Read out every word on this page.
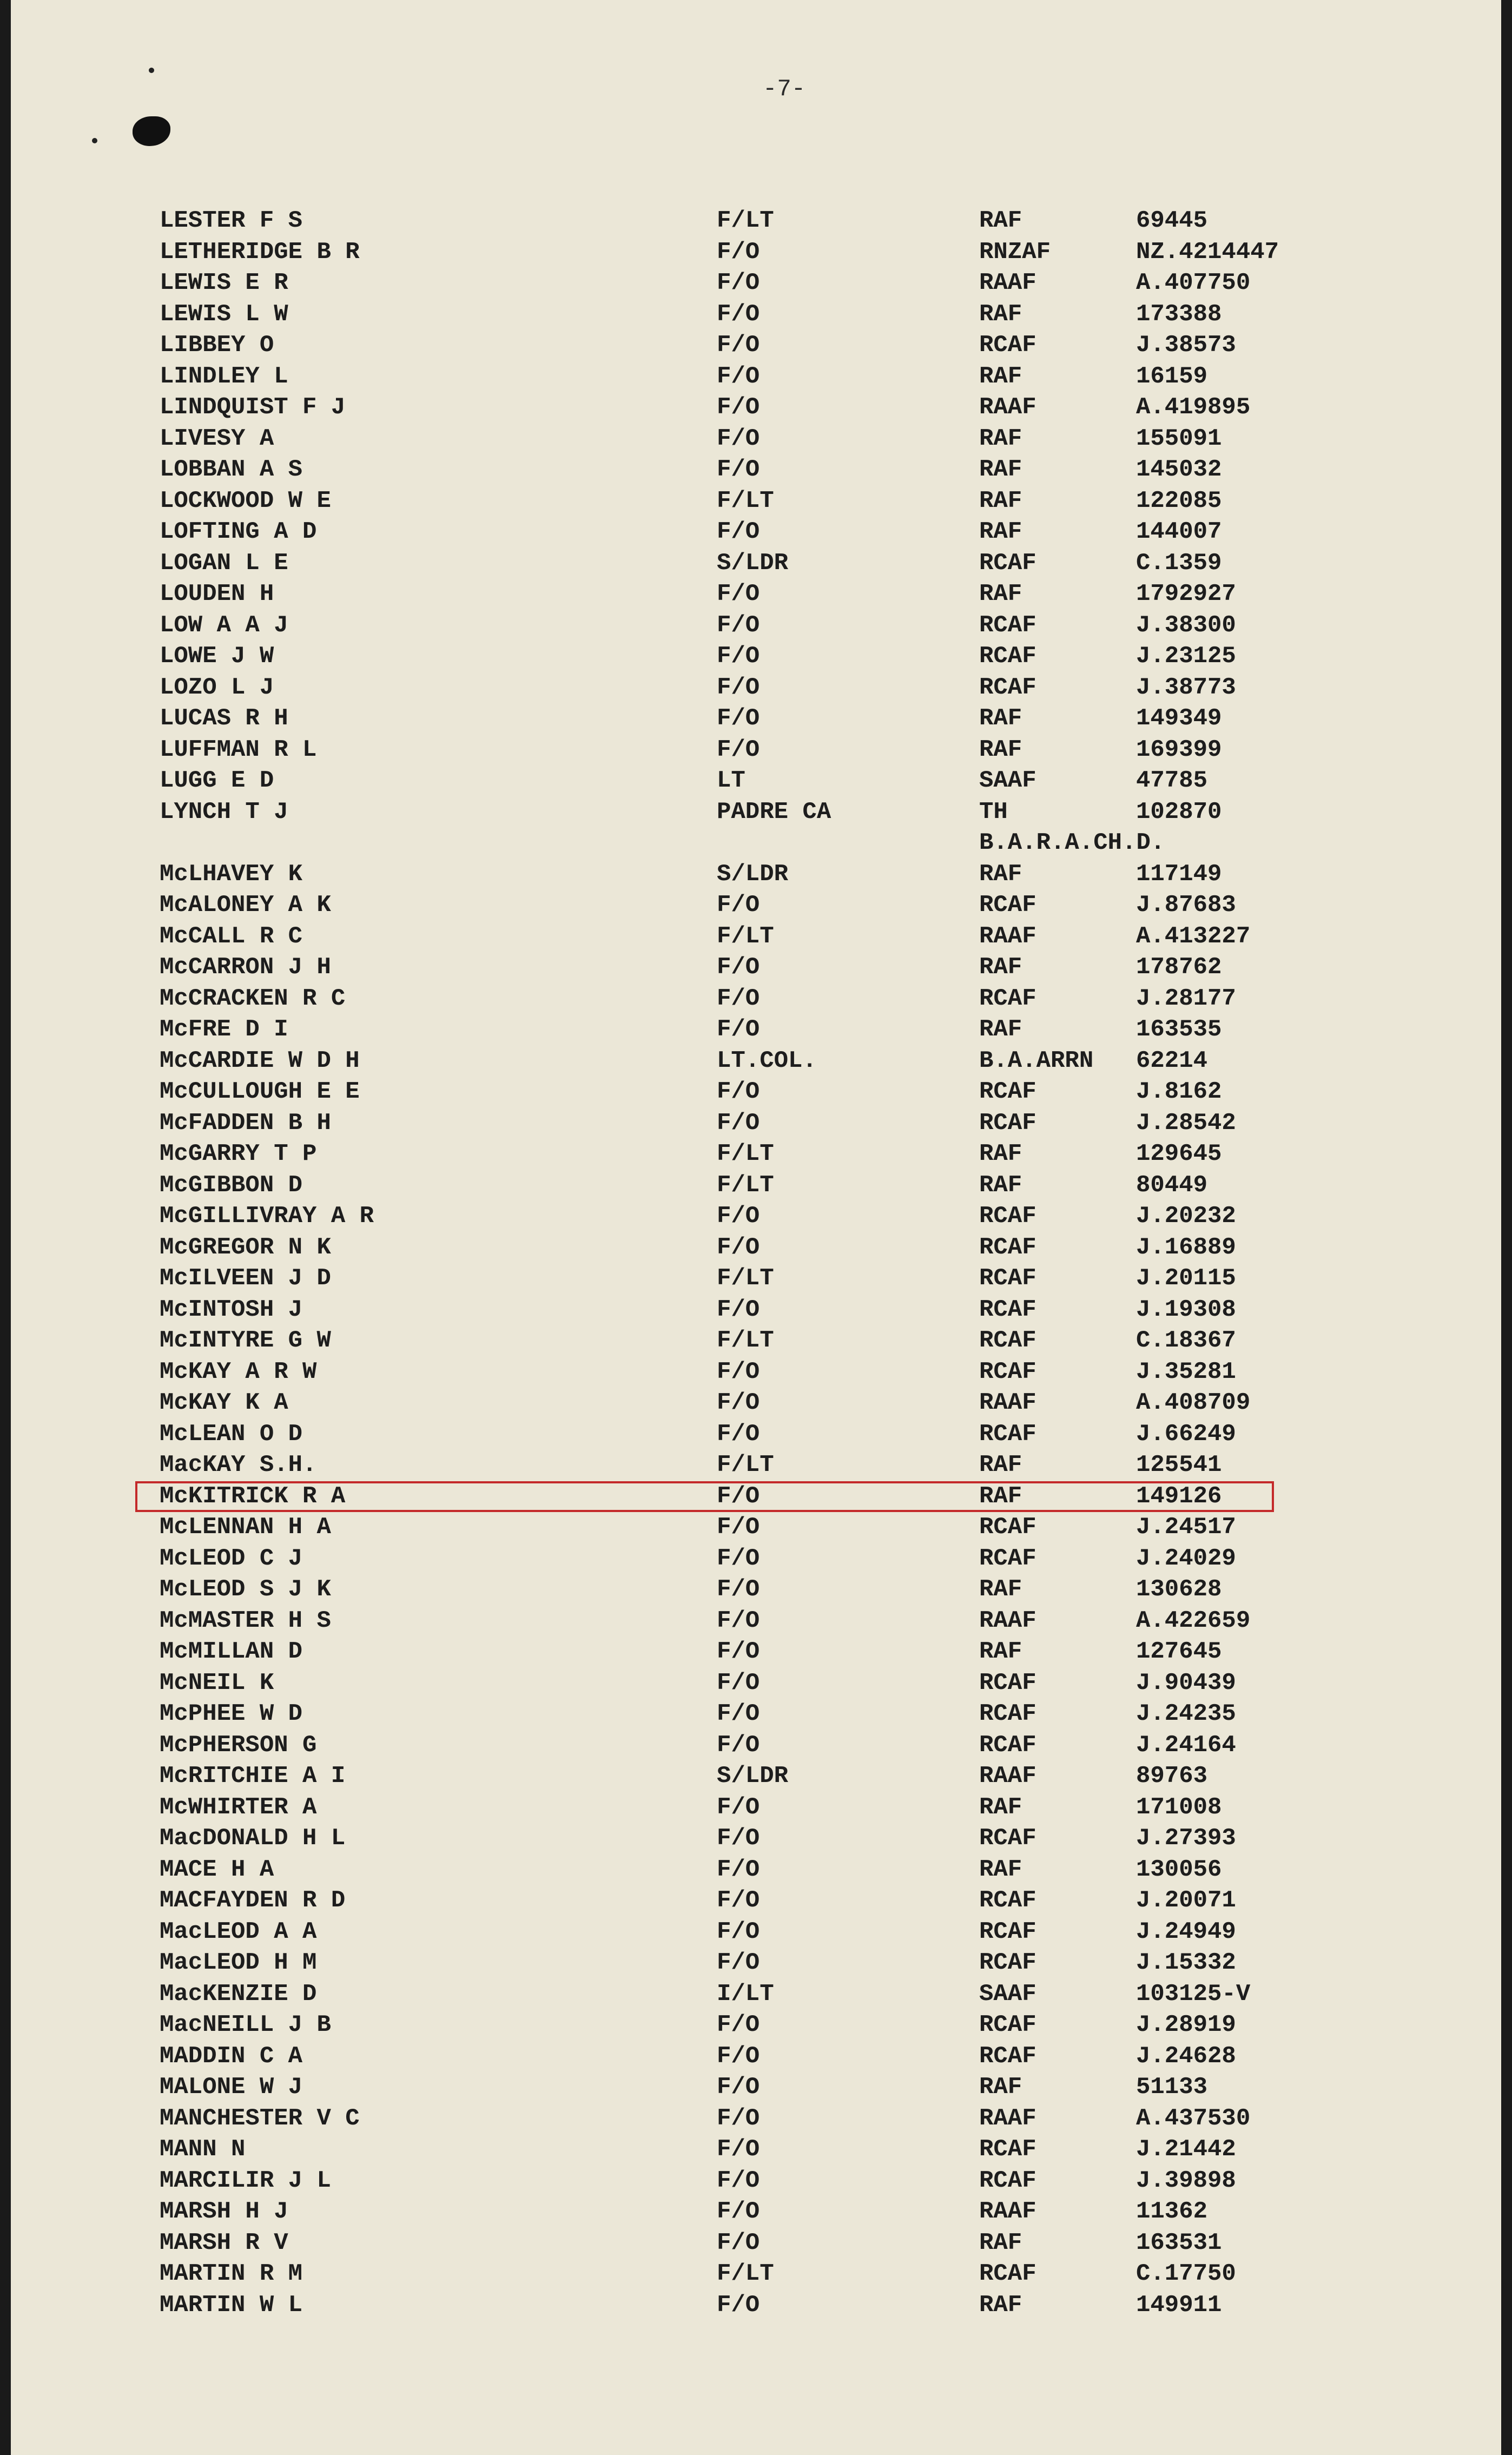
-7-
LESTER F S	F/LT	RAF	69445
LETHERIDGE B R	F/O	RNZAF	NZ.4214447
LEWIS E R	F/O	RAAF	A.407750
LEWIS L W	F/O	RAF	173388
LIBBEY O	F/O	RCAF	J.38573
LINDLEY L	F/O	RAF	16159
LINDQUIST F J	F/O	RAAF	A.419895
LIVESY A	F/O	RAF	155091
LOBBAN A S	F/O	RAF	145032
LOCKWOOD W E	F/LT	RAF	122085
LOFTING A D	F/O	RAF	144007
LOGAN L E	S/LDR	RCAF	C.1359
LOUDEN H	F/O	RAF	1792927
LOW A A J	F/O	RCAF	J.38300
LOWE J W	F/O	RCAF	J.23125
LOZO L J	F/O	RCAF	J.38773
LUCAS R H	F/O	RAF	149349
LUFFMAN R L	F/O	RAF	169399
LUGG E D	LT	SAAF	47785
LYNCH T J	PADRE CA	TH	102870
B.A.R.A.CH.D.
McLHAVEY K	S/LDR	RAF	117149
McALONEY A K	F/O	RCAF	J.87683
McCALL R C	F/LT	RAAF	A.413227
McCARRON J H	F/O	RAF	178762
McCRACKEN R C	F/O	RCAF	J.28177
McFRE D I	F/O	RAF	163535
McCARDIE W D H	LT.COL.	B.A.ARRN 62214
McCULLOUGH E E	F/O	RCAF	J.8162
McFADDEN B H	F/O	RCAF	J.28542
McGARRY T P	F/LT	RAF	129645
McGIBBON D	F/LT	RAF	80449
McGILLIVRAY A R	F/O	RCAF	J.20232
McGREGOR N K	F/O	RCAF	J.16889
McILVEEN J D	F/LT	RCAF	J.20115
McINTOSH J	F/O	RCAF	J.19308
McINTYRE G W	F/LT	RCAF	C.18367
McKAY A R W	F/O	RCAF	J.35281
McKAY K A	F/O	RAAF	A.408709
McLEAN O D	F/O	RCAF	J.66249
MacKAY S.H.	F/LT	RAF	125541
McKITRICK R A	F/O	RAF	149126
McLENNAN H A	F/O	RCAF	J.24517
McLEOD C J	F/O	RCAF	J.24029
McLEOD S J K	F/O	RAF	130628
McMASTER H S	F/O	RAAF	A.422659
McMILLAN D	F/O	RAF	127645
McNEIL K	F/O	RCAF	J.90439
McPHEE W D	F/O	RCAF	J.24235
McPHERSON G	F/O	RCAF	J.24164
McRITCHIE A I	S/LDR	RAAF	89763
McWHIRTER A	F/O	RAF	171008
MacDONALD H L	F/O	RCAF	J.27393
MACE H A	F/O	RAF	130056
MACFAYDEN R D	F/O	RCAF	J.20071
MacLEOD A A	F/O	RCAF	J.24949
MacLEOD H M	F/O	RCAF	J.15332
MacKENZIE D	I/LT	SAAF	103125-V
MacNEILL J B	F/O	RCAF	J.28919
MADDIN C A	F/O	RCAF	J.24628
MALONE W J	F/O	RAF	51133
MANCHESTER V C	F/O	RAAF	A.437530
MANN N	F/O	RCAF	J.21442
MARCILIR J L	F/O	RCAF	J.39898
MARSH H J	F/O	RAAF	11362
MARSH R V	F/O	RAF	163531
MARTIN R M	F/LT	RCAF	C.17750
MARTIN W L	F/O	RAF	149911
